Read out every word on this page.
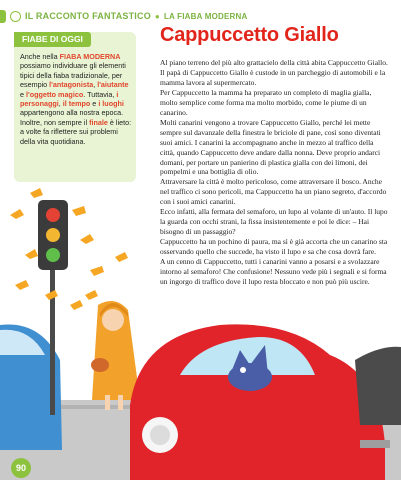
IL RACCONTO FANTASTICO ● LA FIABA MODERNA
FIABE DI OGGI
Anche nella FIABA MODERNA possiamo individuare gli elementi tipici della fiaba tradizionale, per esempio l'antagonista, l'aiutante e l'oggetto magico. Tuttavia, i personaggi, il tempo e i luoghi appartengono alla nostra epoca. Inoltre, non sempre il finale è lieto: a volte fa riflettere sui problemi della vita quotidiana.
Cappuccetto Giallo

Al piano terreno del più alto grattacielo della città abita Cappuccetto Giallo. Il papà di Cappuccetto Giallo è custode in un parcheggio di automobili e la mamma lavora al supermercato.

Per Cappuccetto la mamma ha preparato un completo di maglia gialla, molto semplice come forma ma molto morbido, come le piume di un canarino.

Molti canarini vengono a trovare Cappuccetto Giallo, perché lei mette sempre sul davanzale della finestra le briciole di pane, così sono diventati suoi amici. I canarini la accompagnano anche in mezzo al traffico della città, quando Cappuccetto deve andare dalla nonna. Deve proprio andarci domani, per portare un panierino di plastica gialla con dei limoni, dei pompelmi e una bottiglia di olio.

Attraversare la città è molto pericoloso, come attraversare il bosco. Anche nel traffico ci sono pericoli, ma Cappuccetto ha un piano segreto, d'accordo con i suoi amici canarini.

Ecco infatti, alla fermata del semaforo, un lupo al volante di un'auto. Il lupo la guarda con occhi strani, la fissa insistentemente e poi le dice: – Hai bisogno di un passaggio?

Cappuccetto ha un pochino di paura, ma sì è già accorta che un canarino sta osservando quello che succede, ha visto il lupo e sa che cosa dovrà fare.

A un cenno di Cappuccetto, tutti i canarini vanno a posarsi e a svolazzare intorno al semaforo! Che confusione! Nessuno vede più i segnali e si forma un ingorgo di traffico dove il lupo resta bloccato e non può più uscire.

90
